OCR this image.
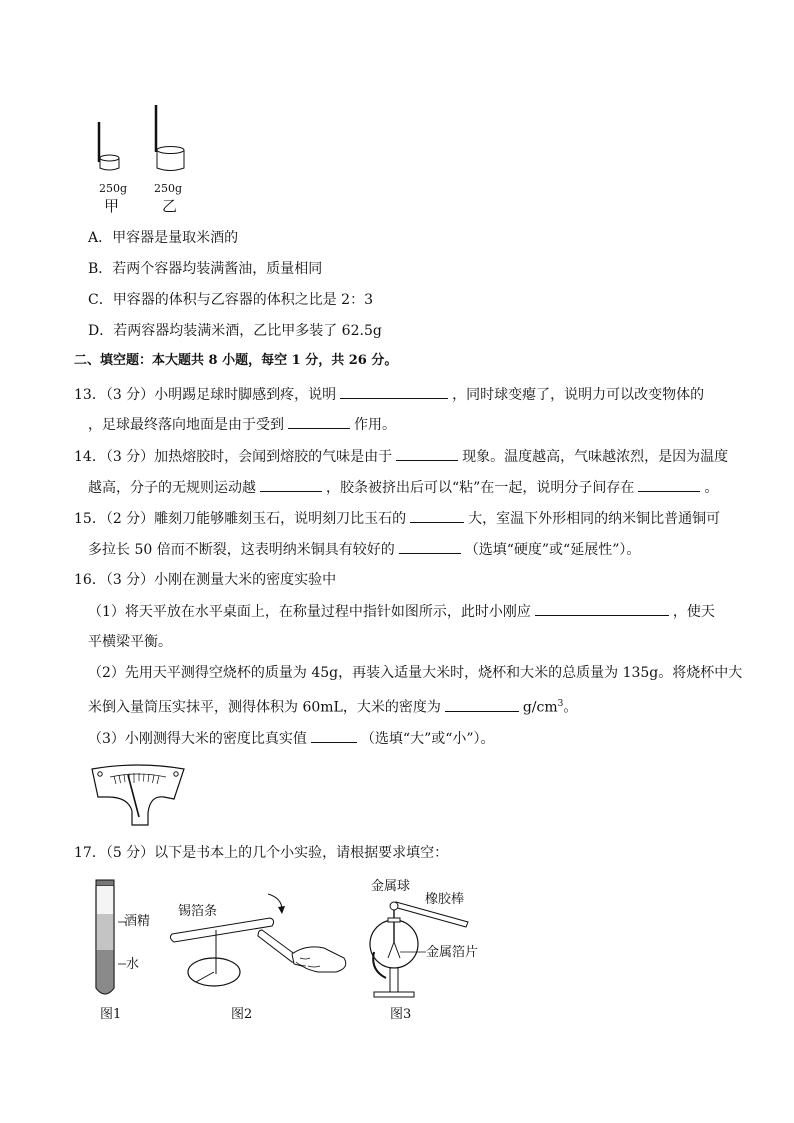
250g 250g
甲	乙
A．甲容器是量取米酒的
B．若两个容器均装满酱油，质量相同
C．甲容器的体积与乙容器的体积之比是 2：3
D．若两容器均装满米酒，乙比甲多装了 62.5g
二、填空题：本大题共 8 小题，每空 1 分，共 26 分。
13．（3 分）小明踢足球时脚感到疼，说明	，同时球变瘪了，说明力可以改变物体的
，足球最终落向地面是由于受到	作用。
14．（3 分）加热熔胶时，会闻到熔胶的气味是由于	现象。温度越高，气味越浓烈，是因为温度
越高，分子的无规则运动越	，胶条被挤出后可以“粘”在一起，说明分子间存在	。
15．（2 分）雕刻刀能够雕刻玉石，说明刻刀比玉石的	大，室温下外形相同的纳米铜比普通铜可
多拉长 50 倍而不断裂，这表明纳米铜具有较好的	（选填“硬度”或“延展性”）。
16．（3 分）小刚在测量大米的密度实验中
（1）将天平放在水平桌面上，在称量过程中指针如图所示，此时小刚应	，使天
平横梁平衡。
（2）先用天平测得空烧杯的质量为 45g，再装入适量大米时，烧杯和大米的总质量为 135g。将烧杯中大
米倒入量筒压实抹平，测得体积为 60mL，大米的密度为	$g/cm^3$。
（3）小刚测得大米的密度比真实值	（选填“大”或“小”）。
17．（5 分）以下是书本上的几个小实验，请根据要求填空：
酒精
水
图1
锡箔条
图2
金属球
橡胶棒
金属箔片
图3
